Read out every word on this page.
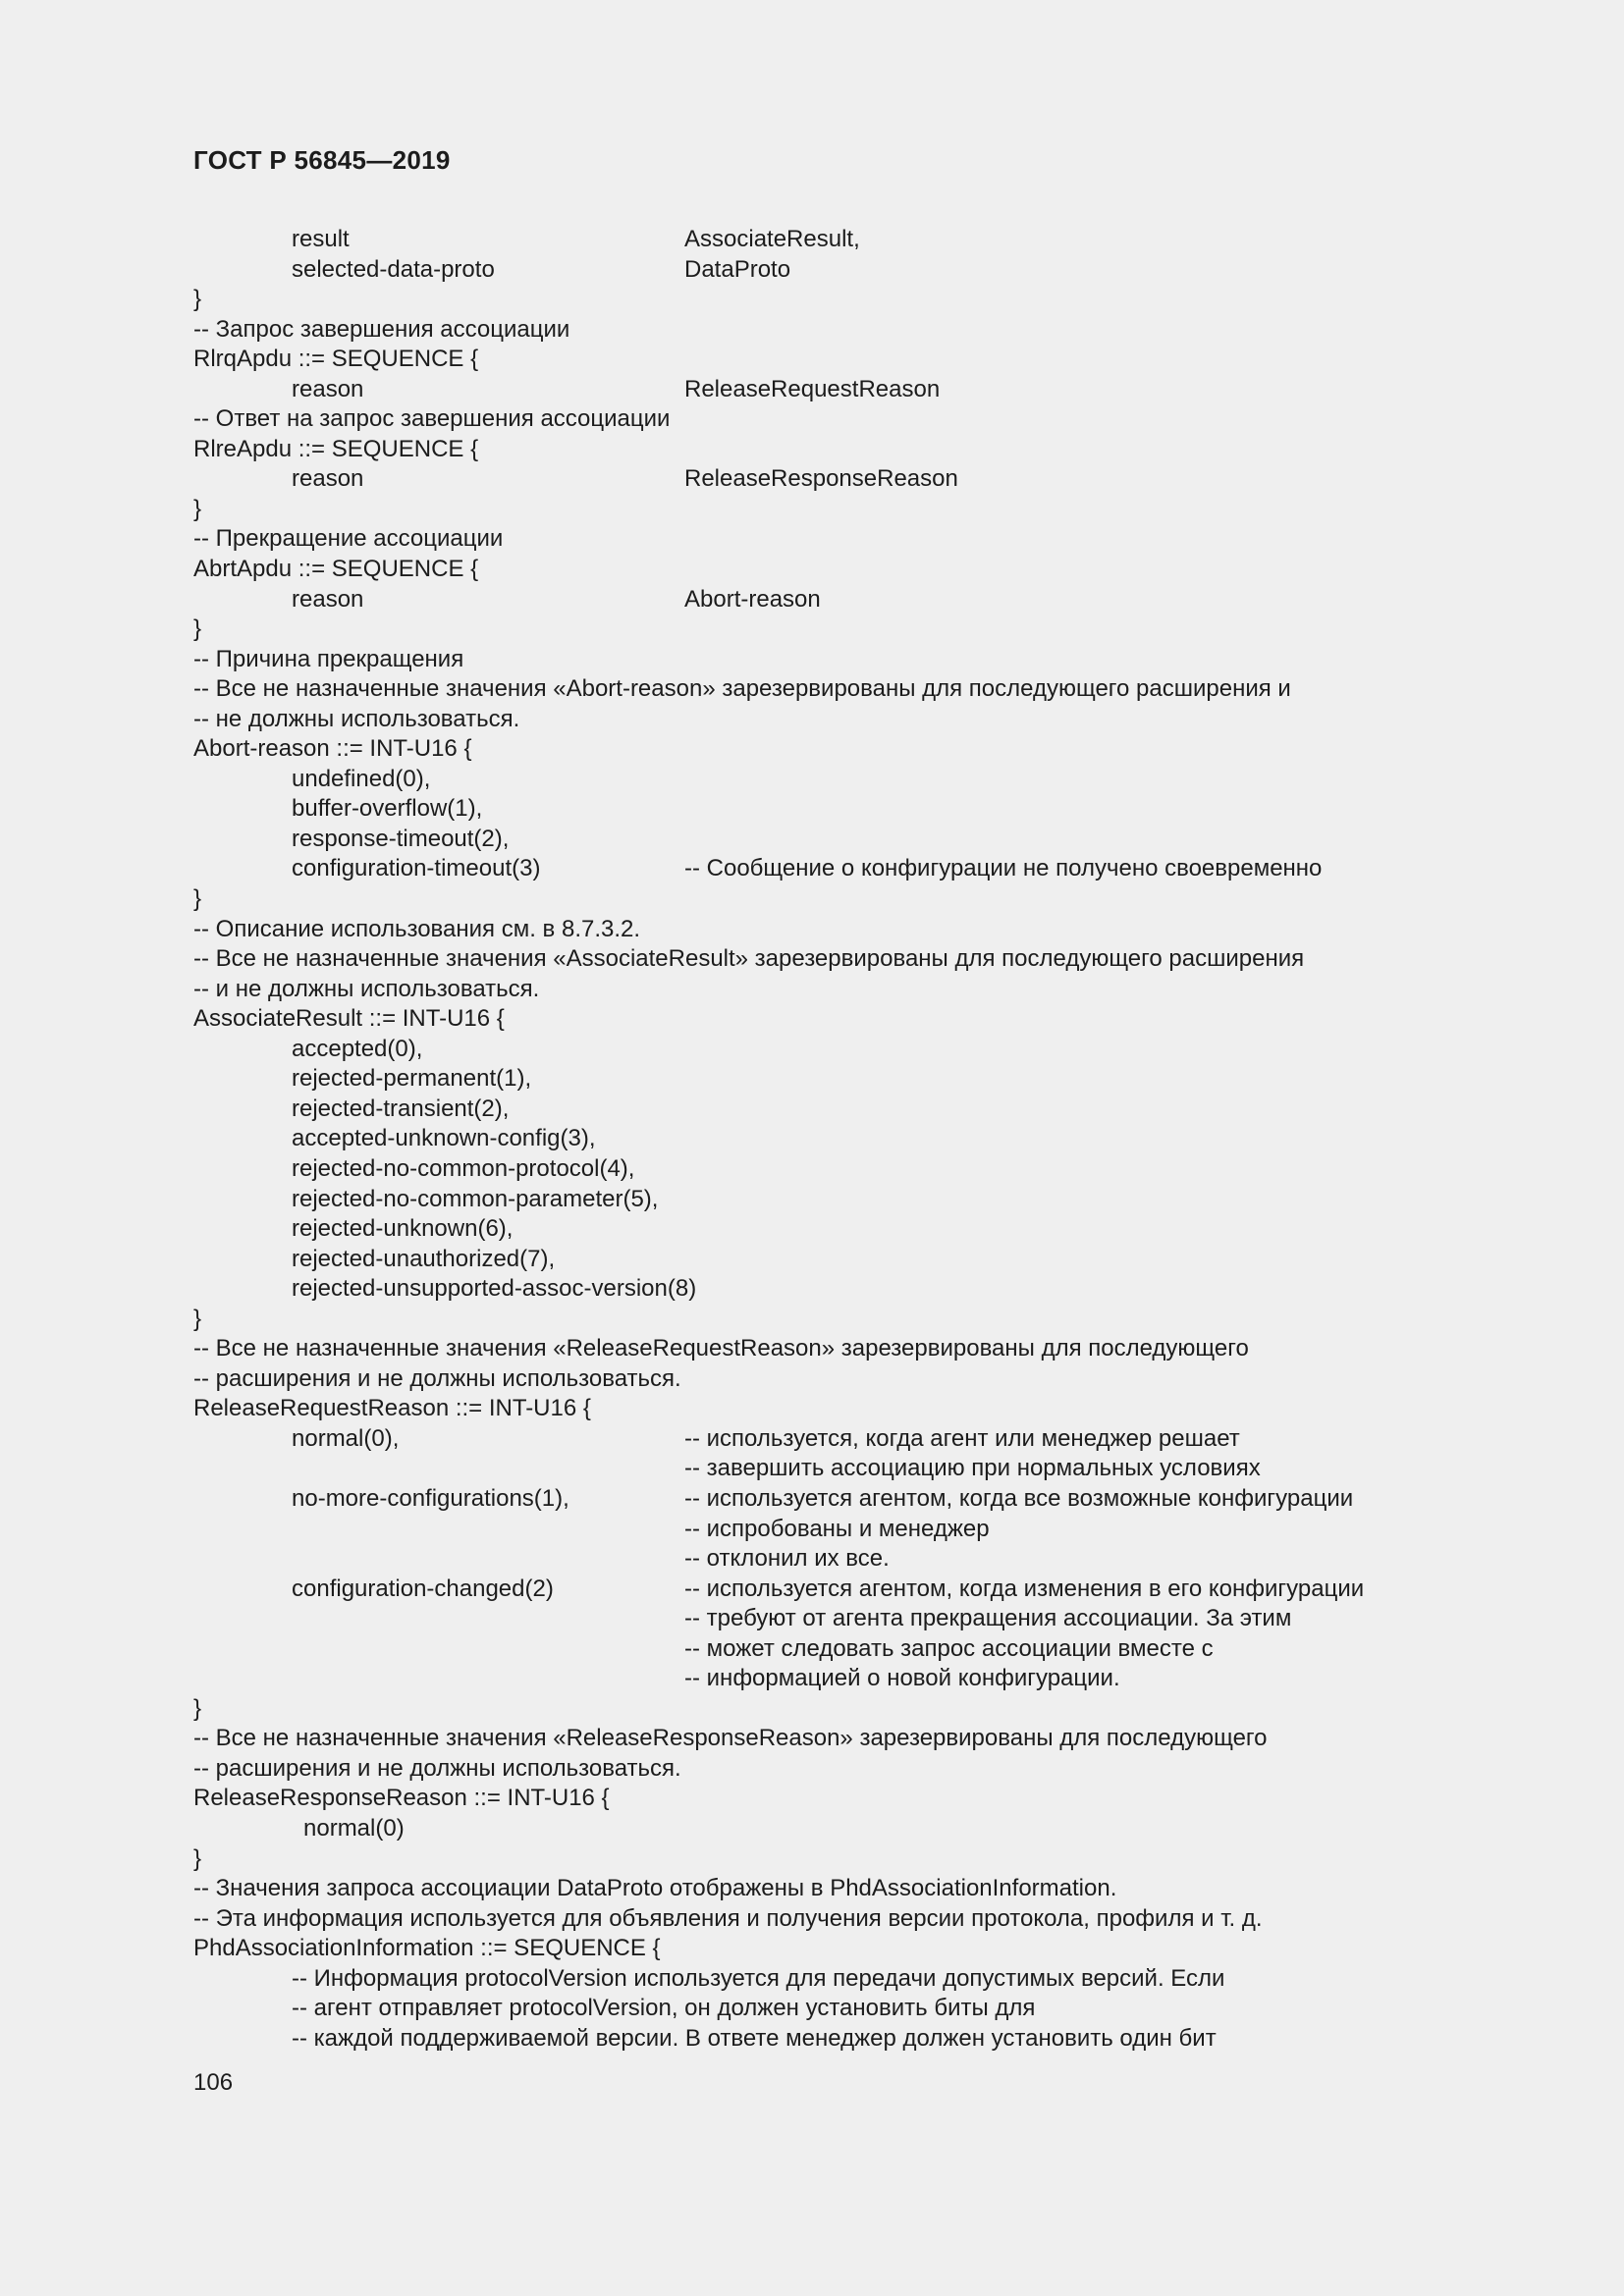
ГОСТ Р 56845—2019
result	AssociateResult,
selected-data-proto	DataProto
}
-- Запрос завершения ассоциации
RlrqApdu ::= SEQUENCE {
reason	ReleaseRequestReason
-- Ответ на запрос завершения ассоциации
RlreApdu ::= SEQUENCE {
reason	ReleaseResponseReason
}
-- Прекращение ассоциации
AbrtApdu ::= SEQUENCE {
reason	Abort-reason
}
-- Причина прекращения
-- Все не назначенные значения «Abort-reason» зарезервированы для последующего расширения и
-- не должны использоваться.
Abort-reason ::= INT-U16 {
undefined(0),
buffer-overflow(1),
response-timeout(2),
configuration-timeout(3)	-- Сообщение о конфигурации не получено своевременно
}
-- Описание использования см. в 8.7.3.2.
-- Все не назначенные значения «AssociateResult» зарезервированы для последующего расширения
-- и не должны использоваться.
AssociateResult ::= INT-U16 {
accepted(0),
rejected-permanent(1),
rejected-transient(2),
accepted-unknown-config(3),
rejected-no-common-protocol(4),
rejected-no-common-parameter(5),
rejected-unknown(6),
rejected-unauthorized(7),
rejected-unsupported-assoc-version(8)
}
-- Все не назначенные значения «ReleaseRequestReason» зарезервированы для последующего
-- расширения и не должны использоваться.
ReleaseRequestReason ::= INT-U16 {
normal(0),	-- используется, когда агент или менеджер решает
-- завершить ассоциацию при нормальных условиях
no-more-configurations(1),	-- используется агентом, когда все возможные конфигурации
-- испробованы и менеджер
-- отклонил их все.
configuration-changed(2)	-- используется агентом, когда изменения в его конфигурации
-- требуют от агента прекращения ассоциации. За этим
-- может следовать запрос ассоциации вместе с
-- информацией о новой конфигурации.
}
-- Все не назначенные значения «ReleaseResponseReason» зарезервированы для последующего
-- расширения и не должны использоваться.
ReleaseResponseReason ::= INT-U16 {
normal(0)
}
-- Значения запроса ассоциации DataProto отображены в PhdAssociationInformation.
-- Эта информация используется для объявления и получения версии протокола, профиля и т. д.
PhdAssociationInformation ::= SEQUENCE {
-- Информация protocolVersion используется для передачи допустимых версий. Если
-- агент отправляет protocolVersion, он должен установить биты для
-- каждой поддерживаемой версии. В ответе менеджер должен установить один бит
106
